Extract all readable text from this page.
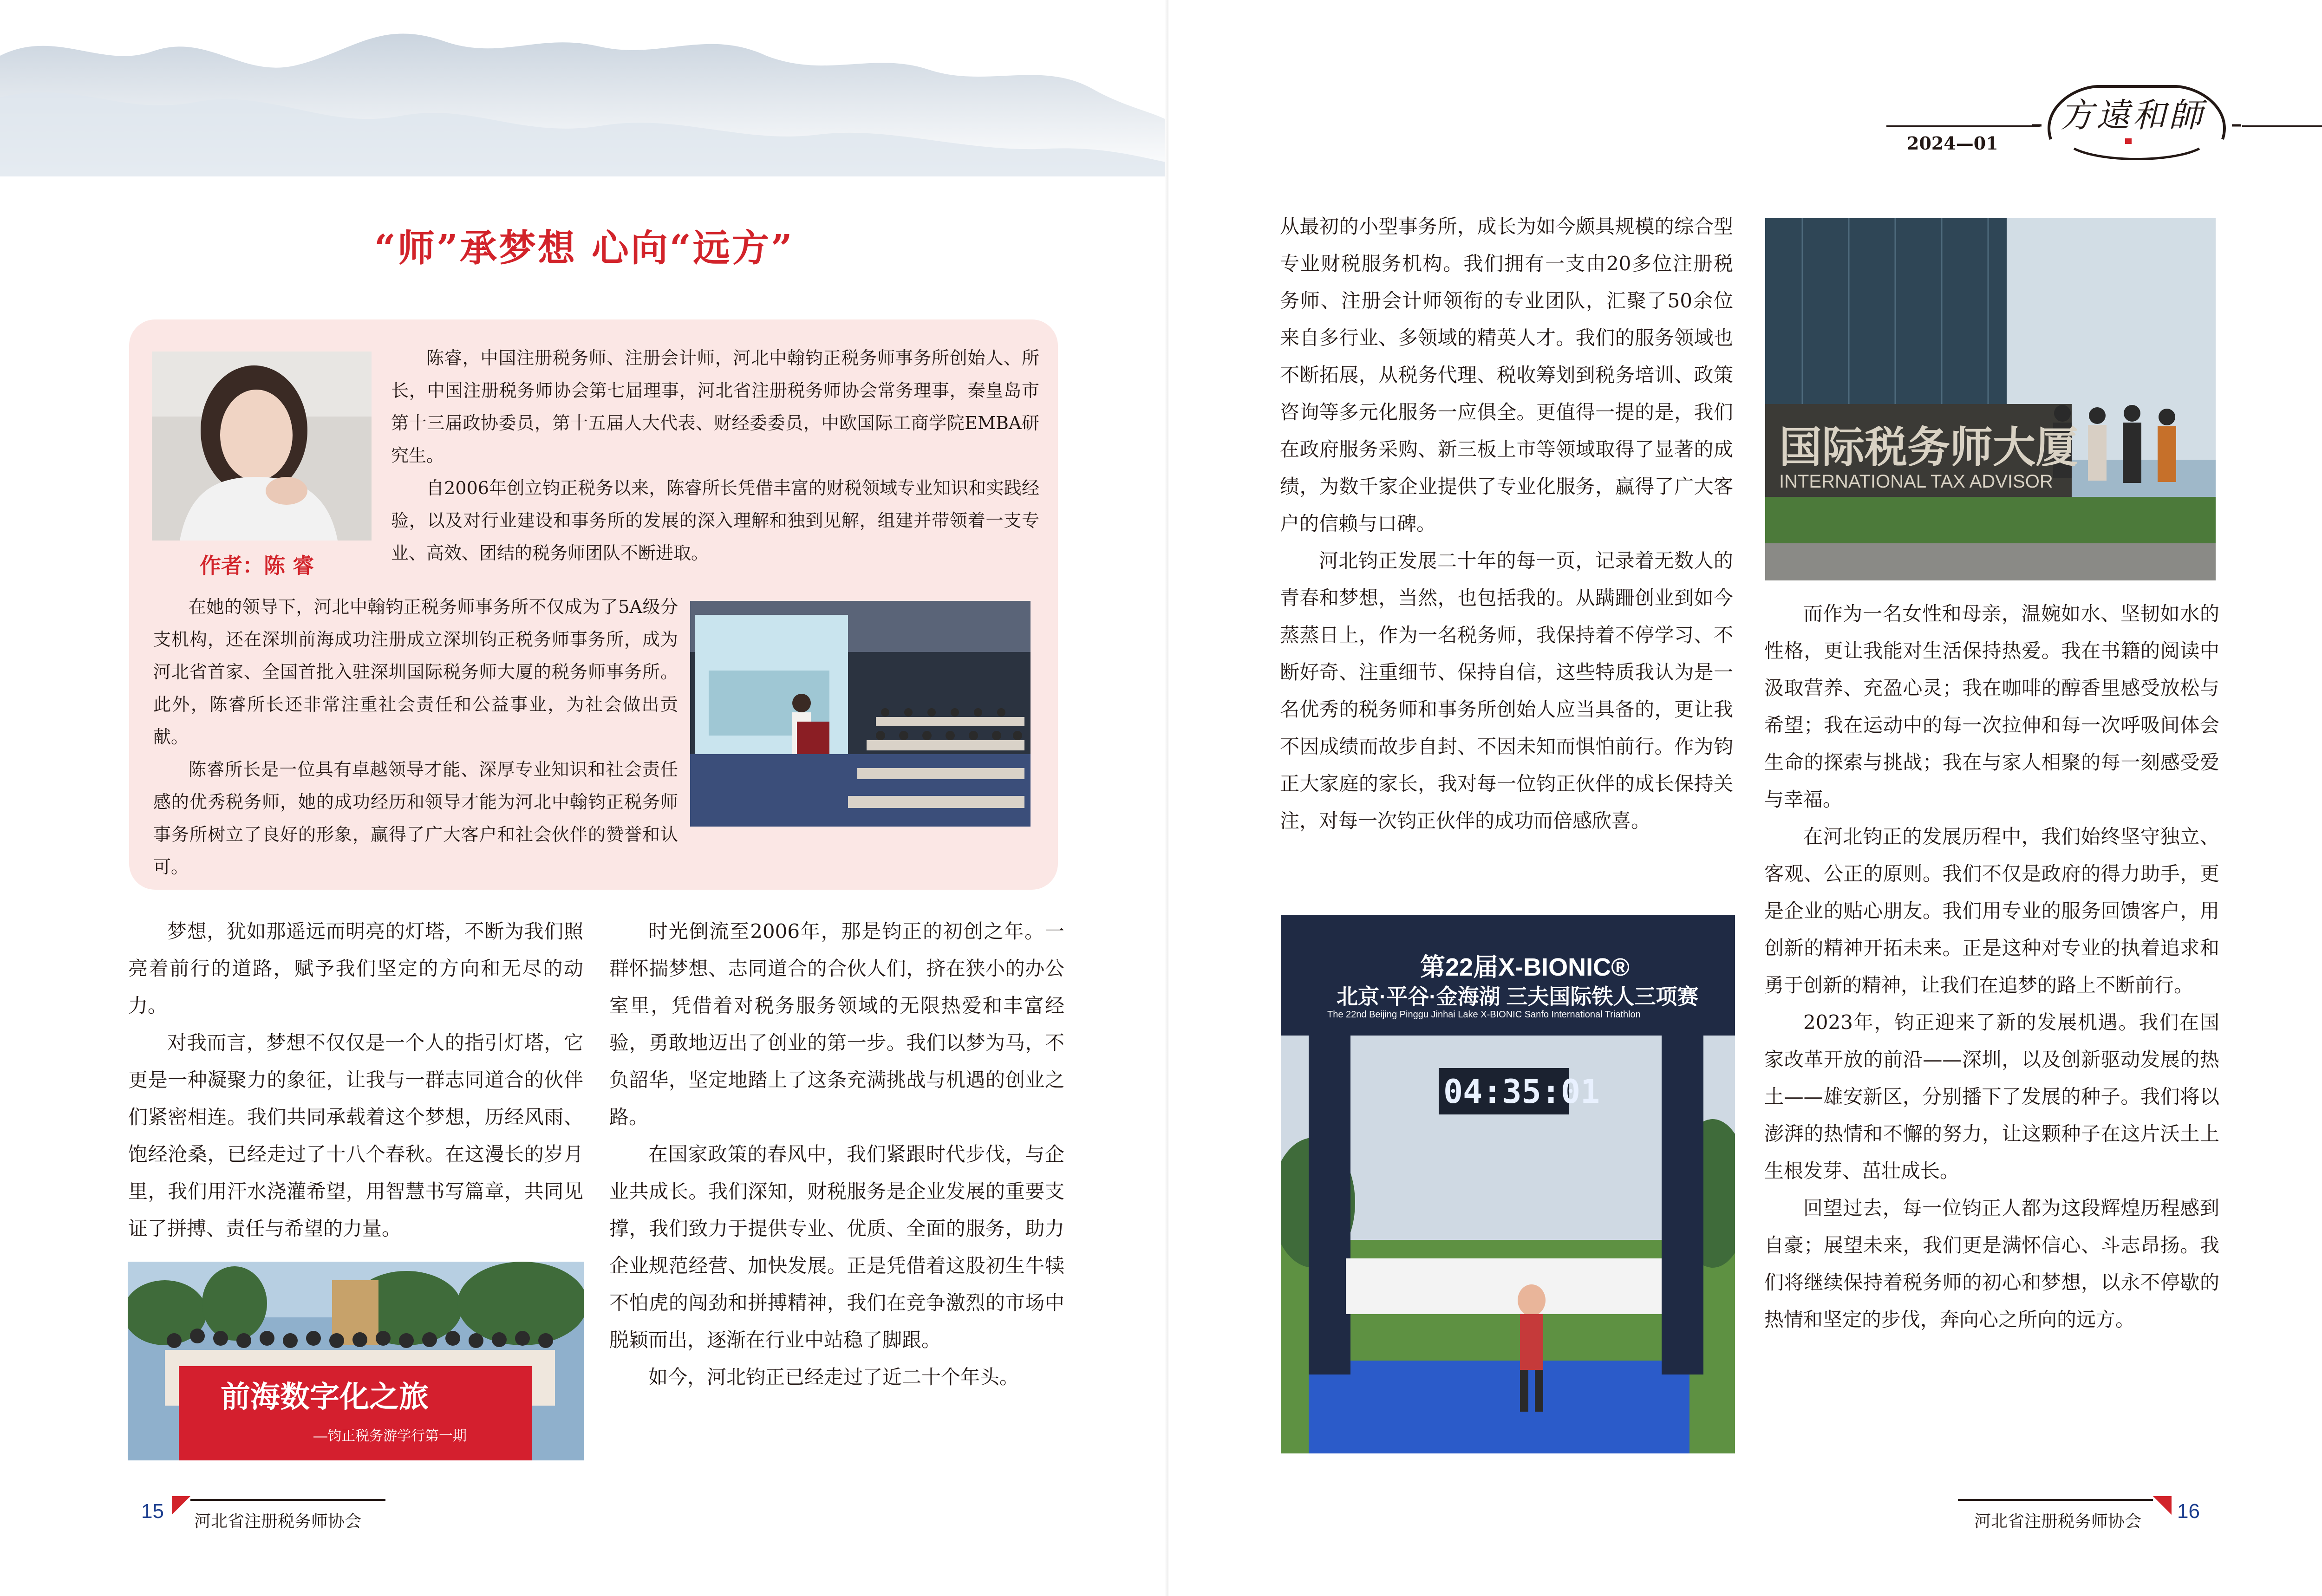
“师”承梦想 心向“远方”
作者：陈 睿

陈睿，中国注册税务师、注册会计师，河北中翰钧正税务师事务所创始人、所长，中国注册税务师协会第七届理事，河北省注册税务师协会常务理事，秦皇岛市第十三届政协委员，第十五届人大代表、财经委委员，中欧国际工商学院EMBA研究生。

自2006年创立钧正税务以来，陈睿所长凭借丰富的财税领域专业知识和实践经验，以及对行业建设和事务所的发展的深入理解和独到见解，组建并带领着一支专业、高效、团结的税务师团队不断进取。

在她的领导下，河北中翰钧正税务师事务所不仅成为了5A级分支机构，还在深圳前海成功注册成立深圳钧正税务师事务所，成为河北省首家、全国首批入驻深圳国际税务师大厦的税务师事务所。此外，陈睿所长还非常注重社会责任和公益事业，为社会做出贡献。

陈睿所长是一位具有卓越领导才能、深厚专业知识和社会责任感的优秀税务师，她的成功经历和领导才能为河北中翰钧正税务师事务所树立了良好的形象，赢得了广大客户和社会伙伴的赞誉和认可。

梦想，犹如那遥远而明亮的灯塔，不断为我们照亮着前行的道路，赋予我们坚定的方向和无尽的动力。

对我而言，梦想不仅仅是一个人的指引灯塔，它更是一种凝聚力的象征，让我与一群志同道合的伙伴们紧密相连。我们共同承载着这个梦想，历经风雨、饱经沧桑，已经走过了十八个春秋。在这漫长的岁月里，我们用汗水浇灌希望，用智慧书写篇章，共同见证了拼搏、责任与希望的力量。

前海数字化之旅
—钧正税务游学行第一期

时光倒流至2006年，那是钧正的初创之年。一群怀揣梦想、志同道合的合伙人们，挤在狭小的办公室里，凭借着对税务服务领域的无限热爱和丰富经验，勇敢地迈出了创业的第一步。我们以梦为马，不负韶华，坚定地踏上了这条充满挑战与机遇的创业之路。

在国家政策的春风中，我们紧跟时代步伐，与企业共成长。我们深知，财税服务是企业发展的重要支撑，我们致力于提供专业、优质、全面的服务，助力企业规范经营、加快发展。正是凭借着这股初生牛犊不怕虎的闯劲和拼搏精神，我们在竞争激烈的市场中脱颖而出，逐渐在行业中站稳了脚跟。

如今，河北钧正已经走过了近二十个年头。

15 河北省注册税务师协会
2024—01
方遠和師

从最初的小型事务所，成长为如今颇具规模的综合型专业财税服务机构。我们拥有一支由20多位注册税务师、注册会计师领衔的专业团队，汇聚了50余位来自多行业、多领域的精英人才。我们的服务领域也不断拓展，从税务代理、税收筹划到税务培训、政策咨询等多元化服务一应俱全。更值得一提的是，我们在政府服务采购、新三板上市等领域取得了显著的成绩，为数千家企业提供了专业化服务，赢得了广大客户的信赖与口碑。

河北钧正发展二十年的每一页，记录着无数人的青春和梦想，当然，也包括我的。从蹒跚创业到如今蒸蒸日上，作为一名税务师，我保持着不停学习、不断好奇、注重细节、保持自信，这些特质我认为是一名优秀的税务师和事务所创始人应当具备的，更让我不因成绩而故步自封、不因未知而惧怕前行。作为钧正大家庭的家长，我对每一位钧正伙伴的成长保持关注，对每一次钧正伙伴的成功而倍感欣喜。

第22届X-BIONIC®
北京·平谷·金海湖 三夫国际铁人三项赛
The 22nd Beijing Pinggu Jinhai Lake X-BIONIC Sanfo International Triathlon
04:35:01
国际税务师大厦
INTERNATIONAL TAX ADVISOR

而作为一名女性和母亲，温婉如水、坚韧如水的性格，更让我能对生活保持热爱。我在书籍的阅读中汲取营养、充盈心灵；我在咖啡的醇香里感受放松与希望；我在运动中的每一次拉伸和每一次呼吸间体会生命的探索与挑战；我在与家人相聚的每一刻感受爱与幸福。

在河北钧正的发展历程中，我们始终坚守独立、客观、公正的原则。我们不仅是政府的得力助手，更是企业的贴心朋友。我们用专业的服务回馈客户，用创新的精神开拓未来。正是这种对专业的执着追求和勇于创新的精神，让我们在追梦的路上不断前行。

2023年，钧正迎来了新的发展机遇。我们在国家改革开放的前沿——深圳，以及创新驱动发展的热土——雄安新区，分别播下了发展的种子。我们将以澎湃的热情和不懈的努力，让这颗种子在这片沃土上生根发芽、茁壮成长。

回望过去，每一位钧正人都为这段辉煌历程感到自豪；展望未来，我们更是满怀信心、斗志昂扬。我们将继续保持着税务师的初心和梦想，以永不停歇的热情和坚定的步伐，奔向心之所向的远方。

河北省注册税务师协会 16
